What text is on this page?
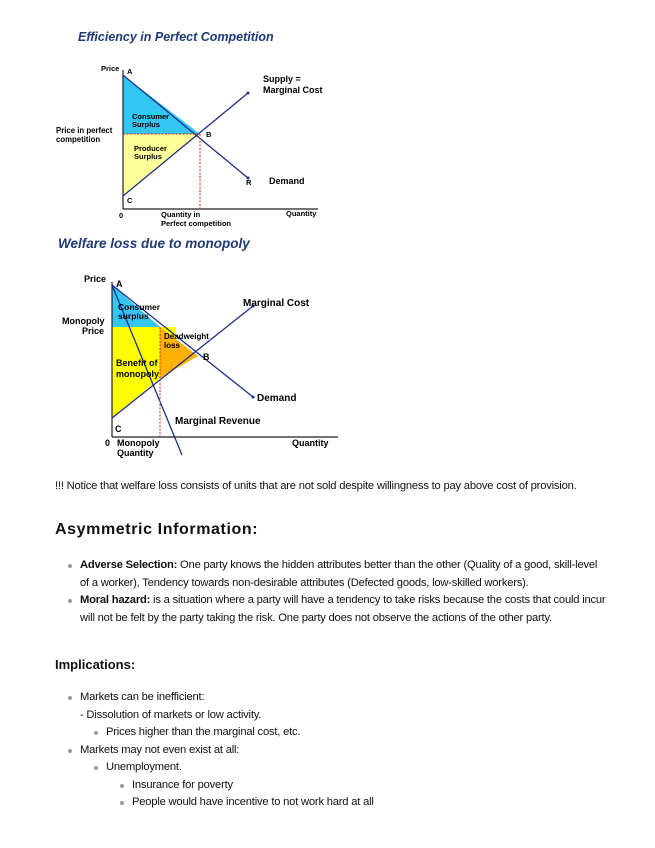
Efficiency in Perfect Competition
Price A
B
C
R
0	Quantity
Price in perfect
competition
Supply =
Marginal Cost
Demand
Consumer
Surplus
Producer
Surplus
Quantity in
Perfect competition
Welfare loss due to monopoly
Price A
B
C
0	Quantity
Monopoly
Price
Marginal Cost
Demand
Marginal Revenue
Consumer
surplus
Deadweight
loss
Benefit of
monopoly
Monopoly
Quantity
!!! Notice that welfare loss consists of units that are not sold despite willingness to pay above cost of provision.
Asymmetric Information:
Adverse Selection: One party knows the hidden attributes better than the other (Quality of a good, skill-level of a worker), Tendency towards non-desirable attributes (Defected goods, low-skilled workers).
Moral hazard: is a situation where a party will have a tendency to take risks because the costs that could incur will not be felt by the party taking the risk. One party does not observe the actions of the other party.
Implications:
Markets can be inefficient:
- Dissolution of markets or low activity.
Prices higher than the marginal cost, etc.
Markets may not even exist at all:
Unemployment.
Insurance for poverty
People would have incentive to not work hard at all
